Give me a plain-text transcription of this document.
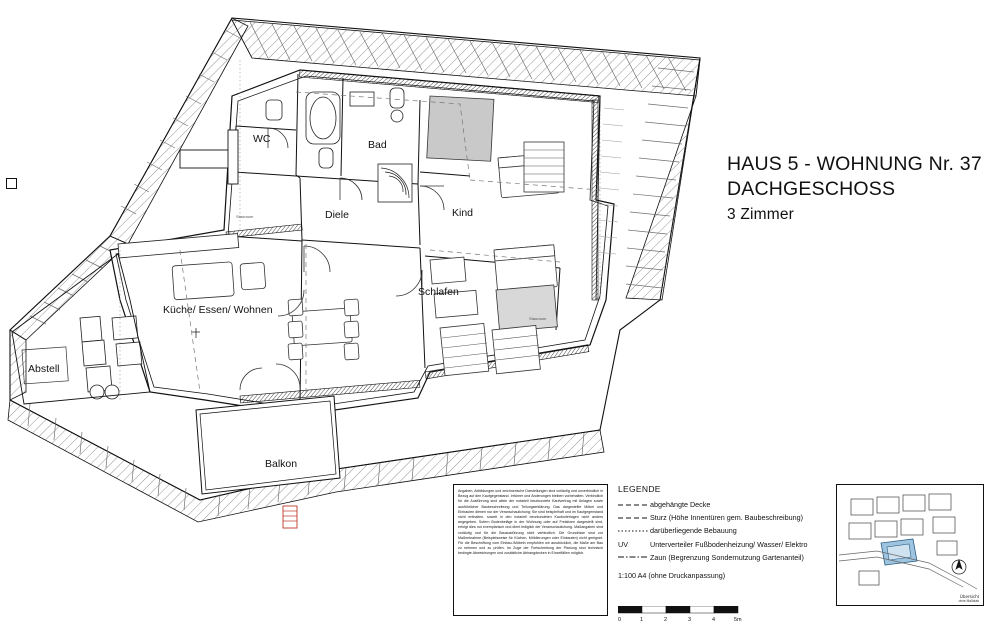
HAUS 5 - WOHNUNG Nr. 37
DACHGESCHOSS
3 Zimmer
WC	Bad
Diele	Kind
Schlafen
Küche/ Essen/ Wohnen
Abstell
Balkon
Stauraum
Stauraum
Angaben, Abbildungen und zeichnerische Darstellungen sind vorläufig und unverbindlich in Bezug auf den Kaufgegenstand. Irrtümer und Änderungen bleiben vorbehalten. Verbindlich für die Ausführung sind allein der notariell beurkundete Kaufvertrag mit Anlagen sowie ausführlicher Baubeschreibung und Teilungserklärung. Das dargestellte Möbel und Einbauten dienen nur der Veranschaulichung; Sie sind beispielhaft und im Kaufgegenstand nicht enthalten, soweit in den notariell beurkundeten Kaufunterlagen nicht anders angegeben. Sofern Bodenbeläge in der Wohnung oder auf Freisitzen dargestellt sind, erfolgt dies nur exemplarisch und dient lediglich der Veranschaulichung. Maßangaben sind vorläufig und für die Bauausführung nicht verbindlich. Die Grundrisse sind zur Maßentnahme (Beispielsweise für Küchen, Möblierungen oder Einbauten) nicht geeignet. Für die Beschriftung vom Einbau-/Möbeln empfohlen wir ausdrücklich, die Maße am Bau zu nehmen und zu prüfen. Im Zuge der Fortschreitung der Planung sind technisch bedingte Abweichungen und zusätzliche Abhangdecken in Einzelfällen möglich.
LEGENDE
abgehängte Decke
Sturz (Höhe Innentüren gem. Baubeschreibung)
darüberliegende Bebauung
UV	Unterverteiler Fußbodenheizung/ Wasser/ Elektro
Zaun (Begrenzung Sondernutzung Gartenanteil)
1:100 A4 (ohne Druckanpassung)
0	1	2	3	4	5m
Übersicht
ohne Maßstab
